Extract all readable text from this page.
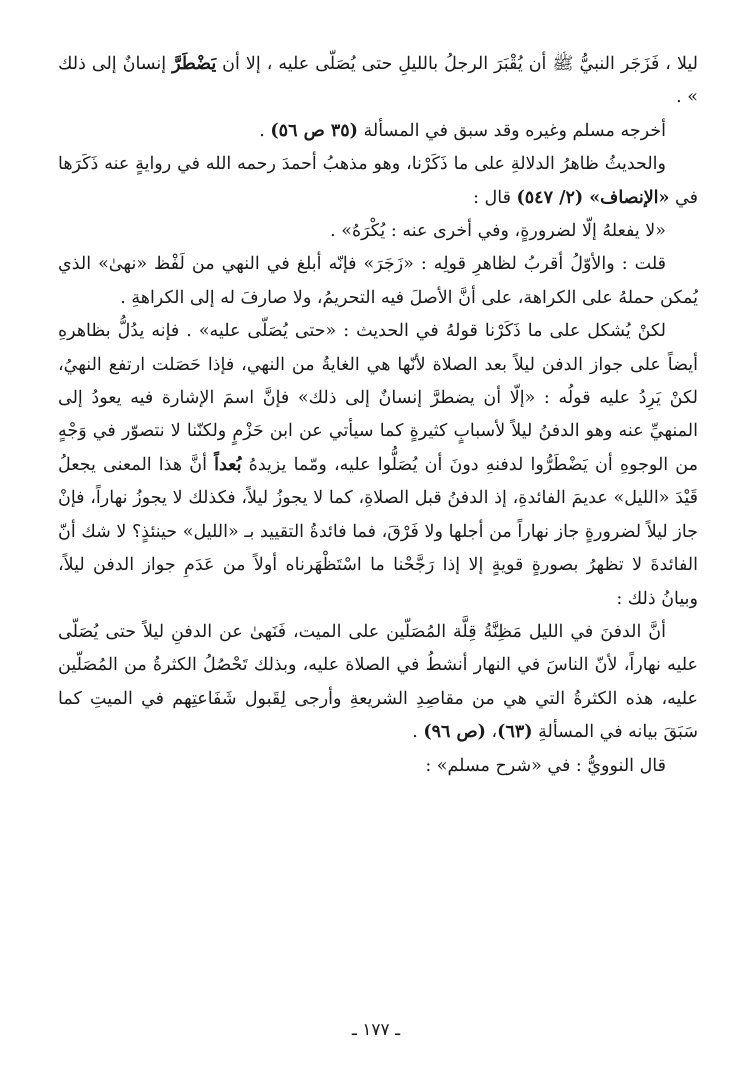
ليلا ، فَزَجَر النبيُّ ﷺ أن يُقْبَرَ الرجلُ بالليلِ حتى يُصَلّى عليه ، إلا أن يَضْطَرَّ إنسانٌ إلى ذلك » .

أخرجه مسلم وغيره وقد سبق في المسألة (٣٥ ص ٥٦) .

والحديثُ ظاهرُ الدلالةِ على ما ذَكَرْنا، وهو مذهبُ أحمدَ رحمه الله في روايةٍ عنه ذَكَرَها في «الإنصاف» (٢/ ٥٤٧) قال :

«لا يفعلهُ إلّا لضرورةٍ، وفي أخرى عنه : يُكْرَهُ» .

قلت : والأوّلُ أقربُ لظاهرِ قولِه : «زَجَرَ» فإنّه أبلغ في النهي من لَفْظ «نهىٰ» الذي يُمكن حملهُ على الكراهة، على أنَّ الأصلَ فيه التحريمُ، ولا صارفَ له إلى الكراهةِ .

لكنْ يُشكل على ما ذَكَرْنا قولهُ في الحديث : «حتى يُصَلّى عليه» . فإنه يدُلُّ بظاهرهِ أيضاً على جواز الدفن ليلاً بعد الصلاة لأنّها هي الغايةُ من النهي، فإذا حَصَلت ارتفع النهيُ، لكنْ يَرِدُ عليه قولُه : «إلّا أن يضطرَّ إنسانٌ إلى ذلك» فإنَّ اسمَ الإشارة فيه يعودُ إلى المنهيِّ عنه وهو الدفنُ ليلاً لأسبابٍ كثيرةٍ كما سيأتي عن ابن حَزْمٍ ولكنّنا لا نتصوّر في وَجْهٍ من الوجوهِ أن يَضْطَرُّوا لدفنهِ دونَ أن يُصَلُّوا عليه، ومّما يزيدهُ بُعداً أنَّ هذا المعنى يجعلُ قَيْدَ «الليل» عديمَ الفائدةِ، إذ الدفنُ قبل الصلاةِ، كما لا يجوزُ ليلاً، فكذلك لا يجوزُ نهاراً، فإنْ جاز ليلاً لضرورةٍ جاز نهاراً من أجلها ولا فَرْقَ، فما فائدةُ التقييد بـ «الليل» حينئذٍ؟ لا شك أنّ الفائدةَ لا تظهرُ بصورةٍ قويةٍ إلا إذا رَجَّحْنا ما اسْتَظْهَرناه أولاً من عَدَمِ جواز الدفن ليلاً، وبيانُ ذلك :

أنَّ الدفنَ في الليل مَظِنَّةُ قِلَّة المُصَلّين على الميت، فَنَهىٰ عن الدفنِ ليلاً حتى يُصَلّى عليه نهاراً، لأنّ الناسَ في النهار أنشطُ في الصلاة عليه، وبذلك تَحْصُلُ الكثرةُ من المُصَلّين عليه، هذه الكثرةُ التي هي من مقاصِدِ الشريعةِ وأرجى لِقَبول شَفَاعتِهم في الميتِ كما سَبَقَ بيانه في المسألةِ (٦٣)، (ص ٩٦) .

قال النوويُّ : في «شرح مسلم» :

ـ ١٧٧ ـ
